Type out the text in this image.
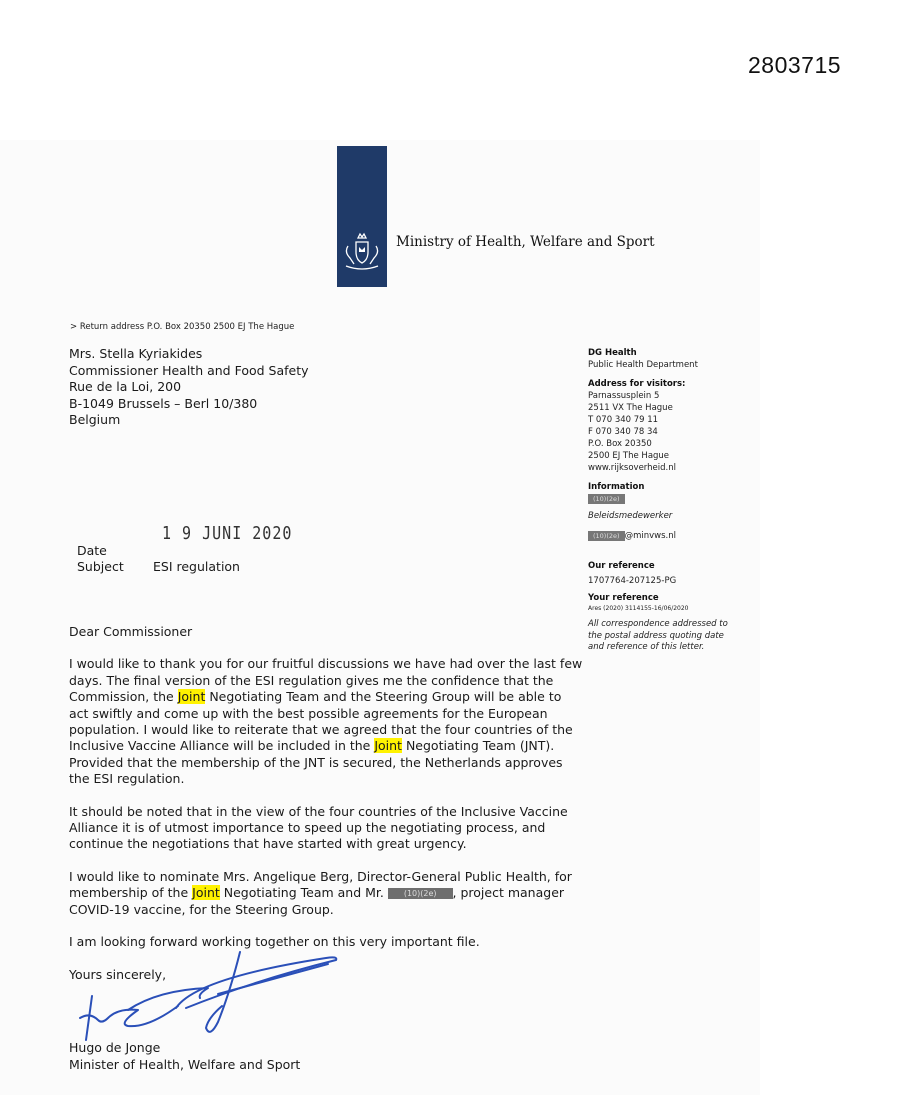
2803715
Ministry of Health, Welfare and Sport
> Return address P.O. Box 20350 2500 EJ The Hague
Mrs. Stella Kyriakides
Commissioner Health and Food Safety
Rue de la Loi, 200
B-1049 Brussels – Berl 10/380
Belgium
DG Health
Public Health Department
Address for visitors:
Parnassusplein 5
2511 VX The Hague
T 070 340 79 11
F 070 340 78 34
P.O. Box 20350
2500 EJ The Hague
www.rijksoverheid.nl
Information
(10)(2e)
Beleidsmedewerker
(10)(2e) @minvws.nl
Our reference
1707764-207125-PG
Your reference
Ares (2020) 3114155-16/06/2020
All correspondence addressed to the postal address quoting date and reference of this letter.
1 9 JUNI 2020
Date
Subject ESI regulation

Dear Commissioner

I would like to thank you for our fruitful discussions we have had over the last few days. The final version of the ESI regulation gives me the confidence that the Commission, the Joint Negotiating Team and the Steering Group will be able to act swiftly and come up with the best possible agreements for the European population. I would like to reiterate that we agreed that the four countries of the Inclusive Vaccine Alliance will be included in the Joint Negotiating Team (JNT). Provided that the membership of the JNT is secured, the Netherlands approves the ESI regulation.

It should be noted that in the view of the four countries of the Inclusive Vaccine Alliance it is of utmost importance to speed up the negotiating process, and continue the negotiations that have started with great urgency.

I would like to nominate Mrs. Angelique Berg, Director-General Public Health, for membership of the Joint Negotiating Team and Mr. (10)(2e) , project manager COVID-19 vaccine, for the Steering Group.

I am looking forward working together on this very important file.

Yours sincerely,

Hugo de Jonge
Minister of Health, Welfare and Sport
